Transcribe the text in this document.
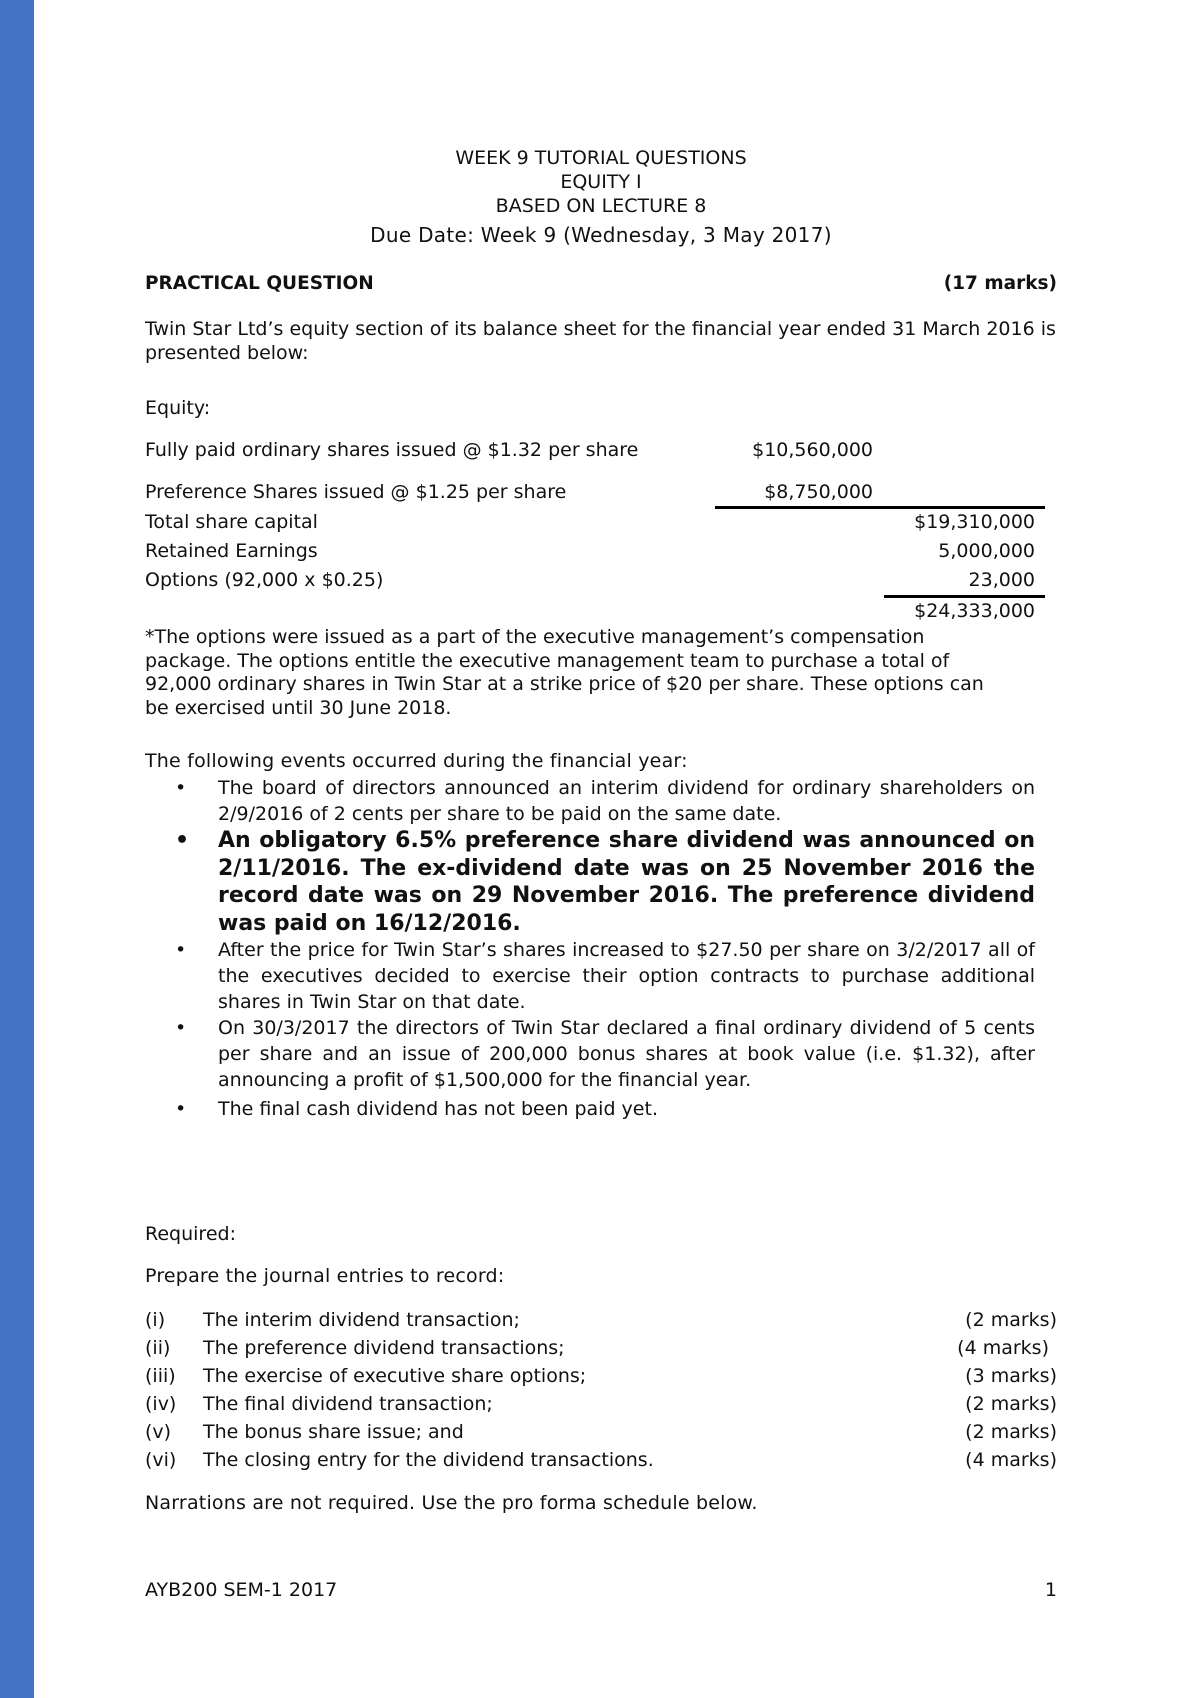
WEEK 9 TUTORIAL QUESTIONS
EQUITY I
BASED ON LECTURE 8
Due Date: Week 9 (Wednesday, 3 May 2017)
PRACTICAL QUESTION	(17 marks)
Twin Star Ltd’s equity section of its balance sheet for the financial year ended 31 March 2016 is presented below:
Equity:
Fully paid ordinary shares issued @ $1.32 per share	$10,560,000
Preference Shares issued @ $1.25 per share	$8,750,000
Total share capital	$19,310,000
Retained Earnings	5,000,000
Options (92,000 x $0.25)	23,000
$24,333,000
*The options were issued as a part of the executive management’s compensation package. The options entitle the executive management team to purchase a total of 92,000 ordinary shares in Twin Star at a strike price of $20 per share. These options can be exercised until 30 June 2018.
The following events occurred during the financial year:
• The board of directors announced an interim dividend for ordinary shareholders on 2/9/2016 of 2 cents per share to be paid on the same date.
• An obligatory 6.5% preference share dividend was announced on 2/11/2016. The ex-dividend date was on 25 November 2016 the record date was on 29 November 2016. The preference dividend was paid on 16/12/2016.
• After the price for Twin Star’s shares increased to $27.50 per share on 3/2/2017 all of the executives decided to exercise their option contracts to purchase additional shares in Twin Star on that date.
• On 30/3/2017 the directors of Twin Star declared a final ordinary dividend of 5 cents per share and an issue of 200,000 bonus shares at book value (i.e. $1.32), after announcing a profit of $1,500,000 for the financial year.
• The final cash dividend has not been paid yet.
Required:
Prepare the journal entries to record:
(i) The interim dividend transaction;	(2 marks)
(ii) The preference dividend transactions;	(4 marks)
(iii) The exercise of executive share options;	(3 marks)
(iv) The final dividend transaction;	(2 marks)
(v) The bonus share issue; and	(2 marks)
(vi) The closing entry for the dividend transactions.	(4 marks)
Narrations are not required. Use the pro forma schedule below.
AYB200 SEM-1 2017	1
